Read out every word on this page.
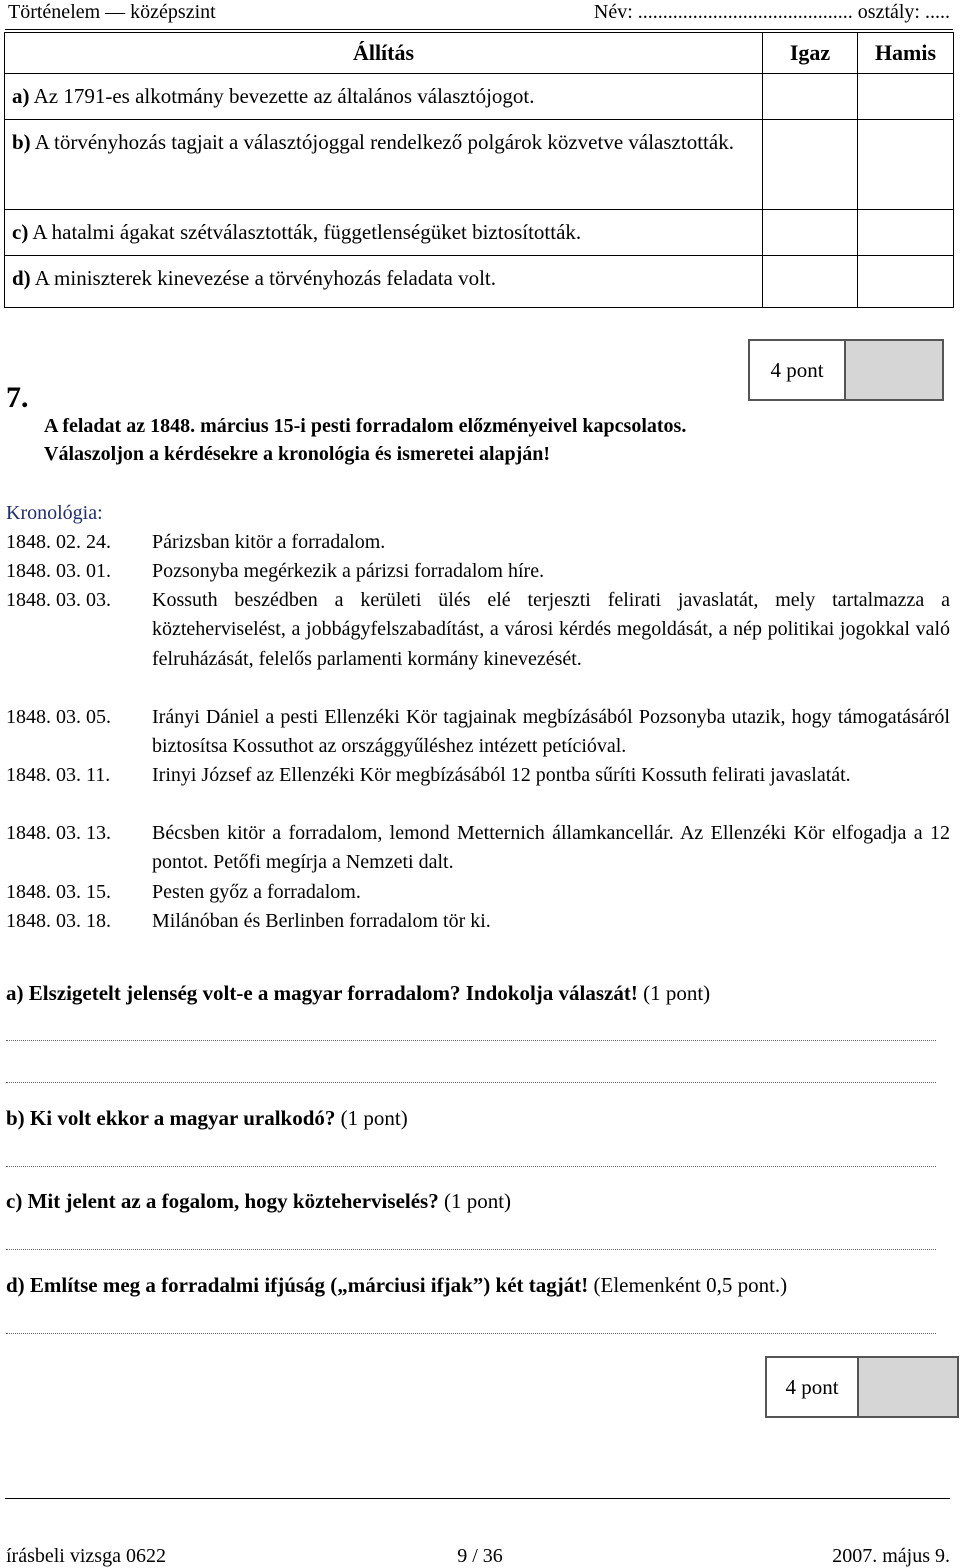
Történelem — középszint	Név: ........................................... osztály: .....
Állítás	Igaz	Hamis
a) Az 1791-es alkotmány bevezette az általános választójogot.		
b) A törvényhozás tagjait a választójoggal rendelkező polgárok közvetve választották.		
c) A hatalmi ágakat szétválasztották, függetlenségüket biztosították.		
d) A miniszterek kinevezése a törvényhozás feladata volt.		
4 pont
7.
A feladat az 1848. március 15-i pesti forradalom előzményeivel kapcsolatos.
Válaszoljon a kérdésekre a kronológia és ismeretei alapján!
Kronológia:
1848. 02. 24.	Párizsban kitör a forradalom.
1848. 03. 01.	Pozsonyba megérkezik a párizsi forradalom híre.
1848. 03. 03.	Kossuth beszédben a kerületi ülés elé terjeszti felirati javaslatát, mely tartalmazza a közteherviselést, a jobbágyfelszabadítást, a városi kérdés megoldását, a nép politikai jogokkal való felruházását, felelős parlamenti kormány kinevezését.
1848. 03. 05.	Irányi Dániel a pesti Ellenzéki Kör tagjainak megbízásából Pozsonyba utazik, hogy támogatásáról biztosítsa Kossuthot az országgyűléshez intézett petícióval.
1848. 03. 11.	Irinyi József az Ellenzéki Kör megbízásából 12 pontba sűríti Kossuth felirati javaslatát.
1848. 03. 13.	Bécsben kitör a forradalom, lemond Metternich államkancellár. Az Ellenzéki Kör elfogadja a 12 pontot. Petőfi megírja a Nemzeti dalt.
1848. 03. 15.	Pesten győz a forradalom.
1848. 03. 18.	Milánóban és Berlinben forradalom tör ki.
a) Elszigetelt jelenség volt-e a magyar forradalom? Indokolja válaszát! (1 pont)
b) Ki volt ekkor a magyar uralkodó? (1 pont)
c) Mit jelent az a fogalom, hogy közteherviselés? (1 pont)
d) Említse meg a forradalmi ifjúság („márciusi ifjak”) két tagját! (Elemenként 0,5 pont.)
4 pont
írásbeli vizsga 0622	9 / 36	2007. május 9.
